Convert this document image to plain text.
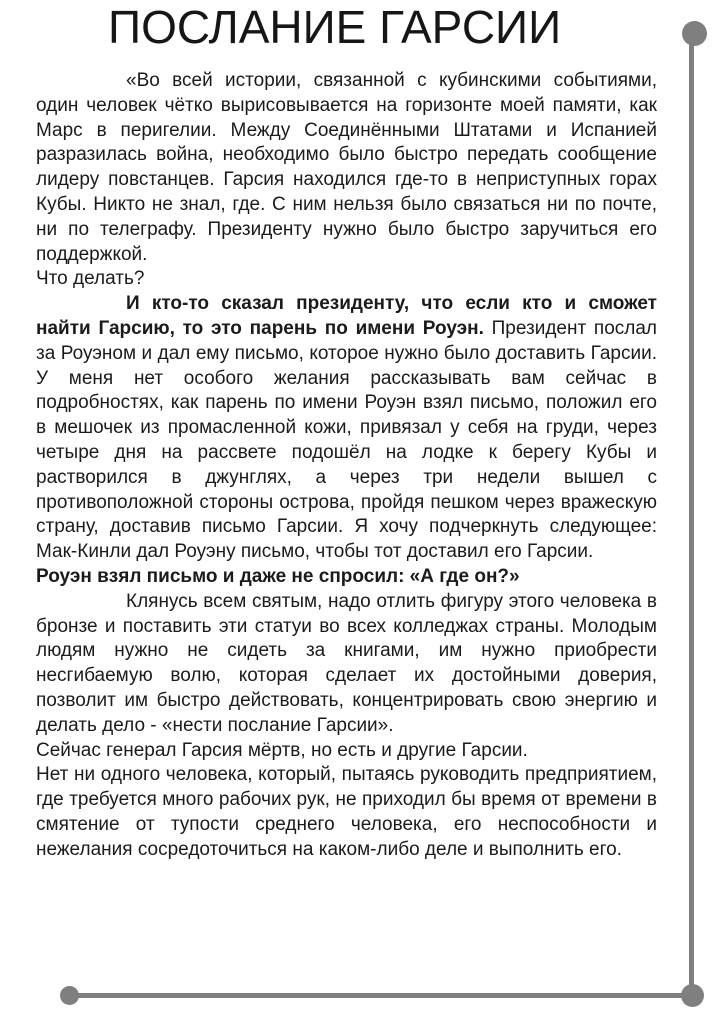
ПОСЛАНИЕ ГАРСИИ

«Во всей истории, связанной с кубинскими событиями, один человек чётко вырисовывается на горизонте моей памяти, как Марс в перигелии. Между Соединёнными Штатами и Испанией разразилась война, необходимо было быстро передать сообщение лидеру повстанцев. Гарсия находился где-то в неприступных горах Кубы. Никто не знал, где. С ним нельзя было связаться ни по почте, ни по телеграфу. Президенту нужно было быстро заручиться его поддержкой.

Что делать?

И кто-то сказал президенту, что если кто и сможет найти Гарсию, то это парень по имени Роуэн. Президент послал за Роуэном и дал ему письмо, которое нужно было доставить Гарсии. У меня нет особого желания рассказывать вам сейчас в подробностях, как парень по имени Роуэн взял письмо, положил его в мешочек из промасленной кожи, привязал у себя на груди, через четыре дня на рассвете подошёл на лодке к берегу Кубы и растворился в джунглях, а через три недели вышел с противоположной стороны острова, пройдя пешком через вражескую страну, доставив письмо Гарсии. Я хочу подчеркнуть следующее: Мак-Кинли дал Роуэну письмо, чтобы тот доставил его Гарсии.

Роуэн взял письмо и даже не спросил: «А где он?»

Клянусь всем святым, надо отлить фигуру этого человека в бронзе и поставить эти статуи во всех колледжах страны. Молодым людям нужно не сидеть за книгами, им нужно приобрести несгибаемую волю, которая сделает их достойными доверия, позволит им быстро действовать, концентрировать свою энергию и делать дело - «нести послание Гарсии».

Сейчас генерал Гарсия мёртв, но есть и другие Гарсии.

Нет ни одного человека, который, пытаясь руководить предприятием, где требуется много рабочих рук, не приходил бы время от времени в смятение от тупости среднего человека, его неспособности и нежелания сосредоточиться на каком-либо деле и выполнить его.
